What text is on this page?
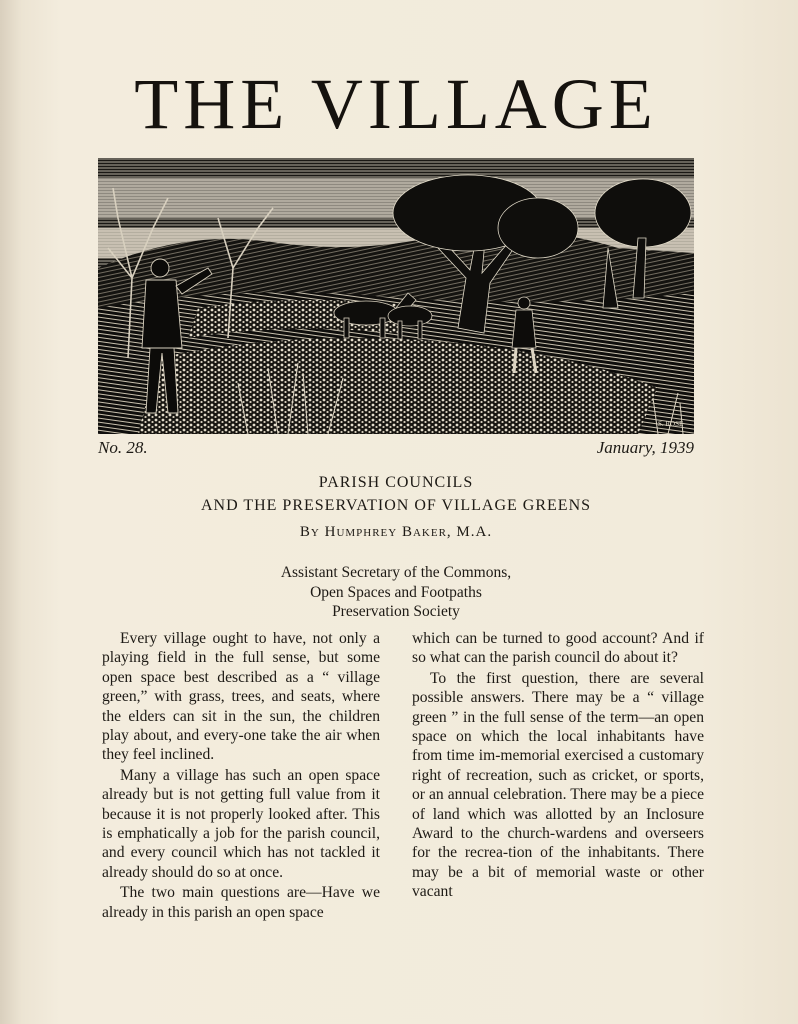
THE VILLAGE
S. ROSE
No. 28.	January, 1939
PARISH COUNCILS
AND THE PRESERVATION OF VILLAGE GREENS
By Humphrey Baker, M.A.
Assistant Secretary of the Commons,
Open Spaces and Footpaths
Preservation Society

Every village ought to have, not only a playing field in the full sense, but some open space best described as a “ village green,” with grass, trees, and seats, where the elders can sit in the sun, the children play about, and every-one take the air when they feel inclined.

Many a village has such an open space already but is not getting full value from it because it is not properly looked after. This is emphatically a job for the parish council, and every council which has not tackled it already should do so at once.

The two main questions are—Have we already in this parish an open space

which can be turned to good account? And if so what can the parish council do about it?

To the first question, there are several possible answers. There may be a “ village green ” in the full sense of the term—an open space on which the local inhabitants have from time im-memorial exercised a customary right of recreation, such as cricket, or sports, or an annual celebration. There may be a piece of land which was allotted by an Inclosure Award to the church-wardens and overseers for the recrea-tion of the inhabitants. There may be a bit of memorial waste or other vacant
